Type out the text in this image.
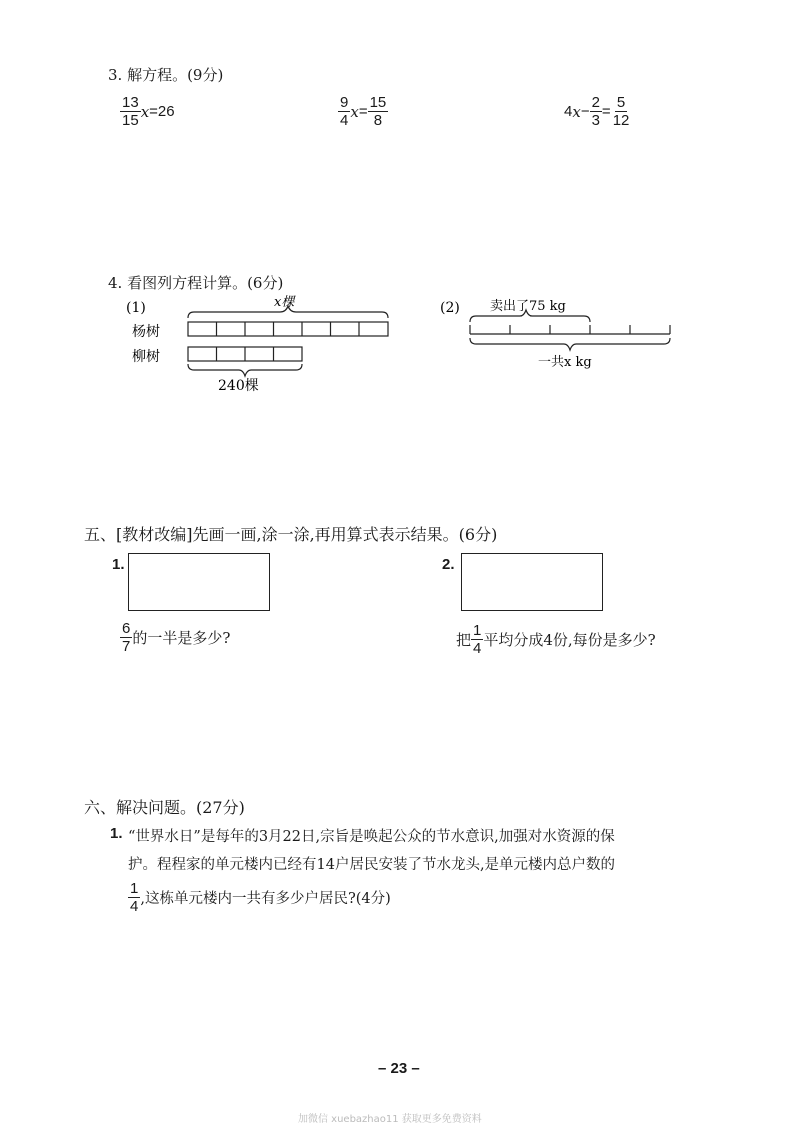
3. 解方程。(9分)
$\frac{13}{15}$ x =26	$\frac{9}{4}$ $x = \frac{15}{8}$	4 $x - \frac{2}{3} = \frac{5}{12}$
4. 看图列方程计算。(6分)
(1)
杨树
柳树
x棵
240棵
(2) 卖出了75 kg
一共x kg
五、[教材改编]先画一画,涂一涂,再用算式表示结果。(6分)
1.
$\frac{6}{7}$ 的一半是多少?
2.
把 $\frac{1}{4}$ 平均分成4份,每份是多少?
六、解决问题。(27分)
1. “世界水日”是每年的3月22日,宗旨是唤起公众的节水意识,加强对水资源的保
护。程程家的单元楼内已经有14户居民安装了节水龙头,是单元楼内总户数的
$\frac{1}{4}$ ,这栋单元楼内一共有多少户居民?(4分)
– 23 –
加微信 xuebazhao11 获取更多免费资料
